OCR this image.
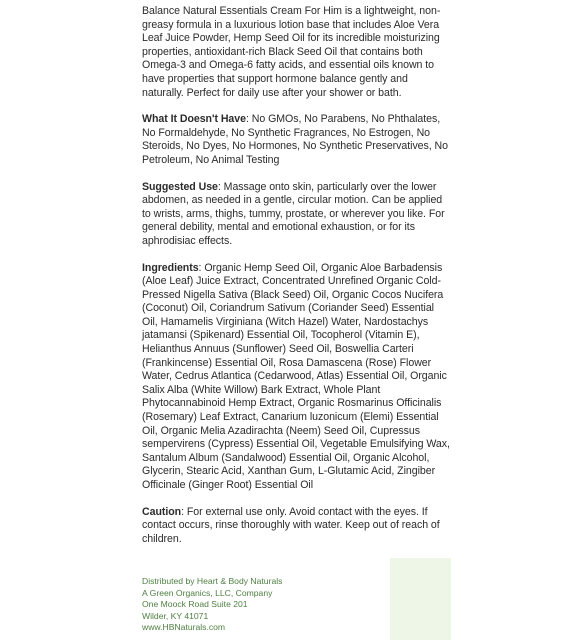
Balance Natural Essentials Cream For Him is a lightweight, non-greasy formula in a luxurious lotion base that includes Aloe Vera Leaf Juice Powder, Hemp Seed Oil for its incredible moisturizing properties, antioxidant-rich Black Seed Oil that contains both Omega-3 and Omega-6 fatty acids, and essential oils known to have properties that support hormone balance gently and naturally. Perfect for daily use after your shower or bath.

What It Doesn't Have: No GMOs, No Parabens, No Phthalates, No Formaldehyde, No Synthetic Fragrances, No Estrogen, No Steroids, No Dyes, No Hormones, No Synthetic Preservatives, No Petroleum, No Animal Testing

Suggested Use: Massage onto skin, particularly over the lower abdomen, as needed in a gentle, circular motion. Can be applied to wrists, arms, thighs, tummy, prostate, or wherever you like. For general debility, mental and emotional exhaustion, or for its aphrodisiac effects.

Ingredients: Organic Hemp Seed Oil, Organic Aloe Barbadensis (Aloe Leaf) Juice Extract, Concentrated Unrefined Organic Cold-Pressed Nigella Sativa (Black Seed) Oil, Organic Cocos Nucifera (Coconut) Oil, Coriandrum Sativum (Coriander Seed) Essential Oil, Hamamelis Virginiana (Witch Hazel) Water, Nardostachys jatamansi (Spikenard) Essential Oil, Tocopherol (Vitamin E), Helianthus Annuus (Sunflower) Seed Oil, Boswellia Carteri (Frankincense) Essential Oil, Rosa Damascena (Rose) Flower Water, Cedrus Atlantica (Cedarwood, Atlas) Essential Oil, Organic Salix Alba (White Willow) Bark Extract, Whole Plant Phytocannabinoid Hemp Extract, Organic Rosmarinus Officinalis (Rosemary) Leaf Extract, Canarium luzonicum (Elemi) Essential Oil, Organic Melia Azadirachta (Neem) Seed Oil, Cupressus sempervirens (Cypress) Essential Oil, Vegetable Emulsifying Wax, Santalum Album (Sandalwood) Essential Oil, Organic Alcohol, Glycerin, Stearic Acid, Xanthan Gum, L-Glutamic Acid, Zingiber Officinale (Ginger Root) Essential Oil

Caution: For external use only. Avoid contact with the eyes. If contact occurs, rinse thoroughly with water. Keep out of reach of children.

Distributed by Heart & Body Naturals
A Green Organics, LLC, Company
One Moock Road Suite 201
Wilder, KY 41071
www.HBNaturals.com
